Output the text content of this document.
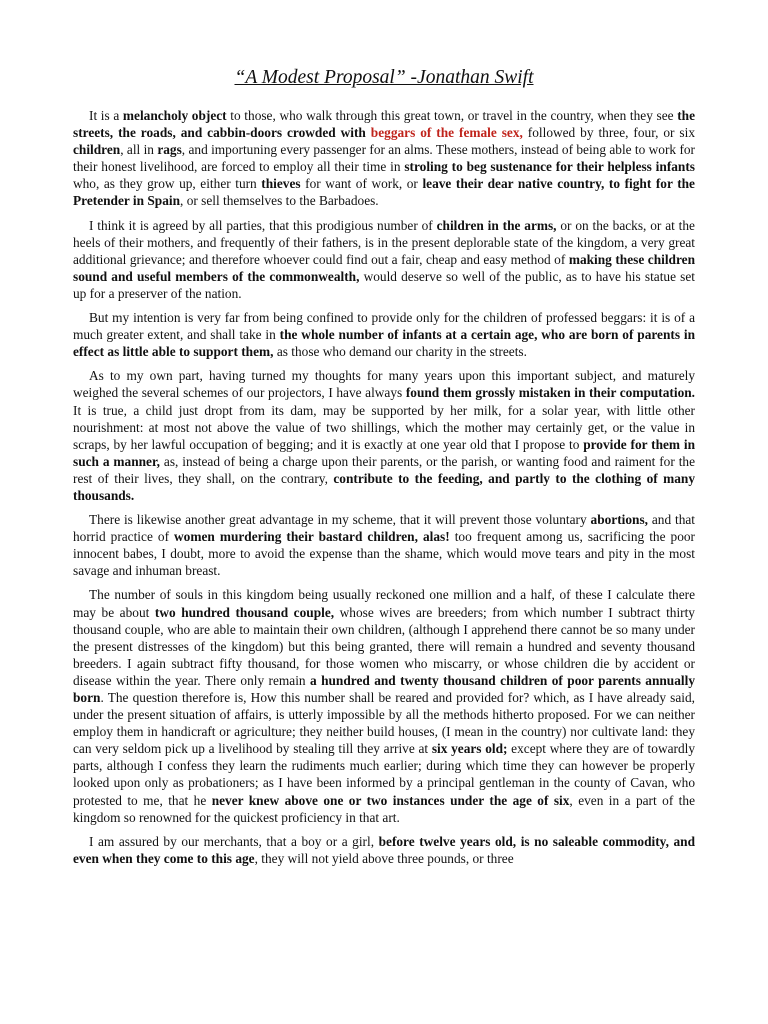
“A Modest Proposal” -Jonathan Swift

It is a melancholy object to those, who walk through this great town, or travel in the country, when they see the streets, the roads, and cabbin-doors crowded with beggars of the female sex, followed by three, four, or six children, all in rags, and importuning every passenger for an alms. These mothers, instead of being able to work for their honest livelihood, are forced to employ all their time in stroling to beg sustenance for their helpless infants who, as they grow up, either turn thieves for want of work, or leave their dear native country, to fight for the Pretender in Spain, or sell themselves to the Barbadoes.

I think it is agreed by all parties, that this prodigious number of children in the arms, or on the backs, or at the heels of their mothers, and frequently of their fathers, is in the present deplorable state of the kingdom, a very great additional grievance; and therefore whoever could find out a fair, cheap and easy method of making these children sound and useful members of the commonwealth, would deserve so well of the public, as to have his statue set up for a preserver of the nation.

But my intention is very far from being confined to provide only for the children of professed beggars: it is of a much greater extent, and shall take in the whole number of infants at a certain age, who are born of parents in effect as little able to support them, as those who demand our charity in the streets.

As to my own part, having turned my thoughts for many years upon this important subject, and maturely weighed the several schemes of our projectors, I have always found them grossly mistaken in their computation. It is true, a child just dropt from its dam, may be supported by her milk, for a solar year, with little other nourishment: at most not above the value of two shillings, which the mother may certainly get, or the value in scraps, by her lawful occupation of begging; and it is exactly at one year old that I propose to provide for them in such a manner, as, instead of being a charge upon their parents, or the parish, or wanting food and raiment for the rest of their lives, they shall, on the contrary, contribute to the feeding, and partly to the clothing of many thousands.

There is likewise another great advantage in my scheme, that it will prevent those voluntary abortions, and that horrid practice of women murdering their bastard children, alas! too frequent among us, sacrificing the poor innocent babes, I doubt, more to avoid the expense than the shame, which would move tears and pity in the most savage and inhuman breast.

The number of souls in this kingdom being usually reckoned one million and a half, of these I calculate there may be about two hundred thousand couple, whose wives are breeders; from which number I subtract thirty thousand couple, who are able to maintain their own children, (although I apprehend there cannot be so many under the present distresses of the kingdom) but this being granted, there will remain a hundred and seventy thousand breeders. I again subtract fifty thousand, for those women who miscarry, or whose children die by accident or disease within the year. There only remain a hundred and twenty thousand children of poor parents annually born. The question therefore is, How this number shall be reared and provided for? which, as I have already said, under the present situation of affairs, is utterly impossible by all the methods hitherto proposed. For we can neither employ them in handicraft or agriculture; they neither build houses, (I mean in the country) nor cultivate land: they can very seldom pick up a livelihood by stealing till they arrive at six years old; except where they are of towardly parts, although I confess they learn the rudiments much earlier; during which time they can however be properly looked upon only as probationers; as I have been informed by a principal gentleman in the county of Cavan, who protested to me, that he never knew above one or two instances under the age of six, even in a part of the kingdom so renowned for the quickest proficiency in that art.

I am assured by our merchants, that a boy or a girl, before twelve years old, is no saleable commodity, and even when they come to this age, they will not yield above three pounds, or three
